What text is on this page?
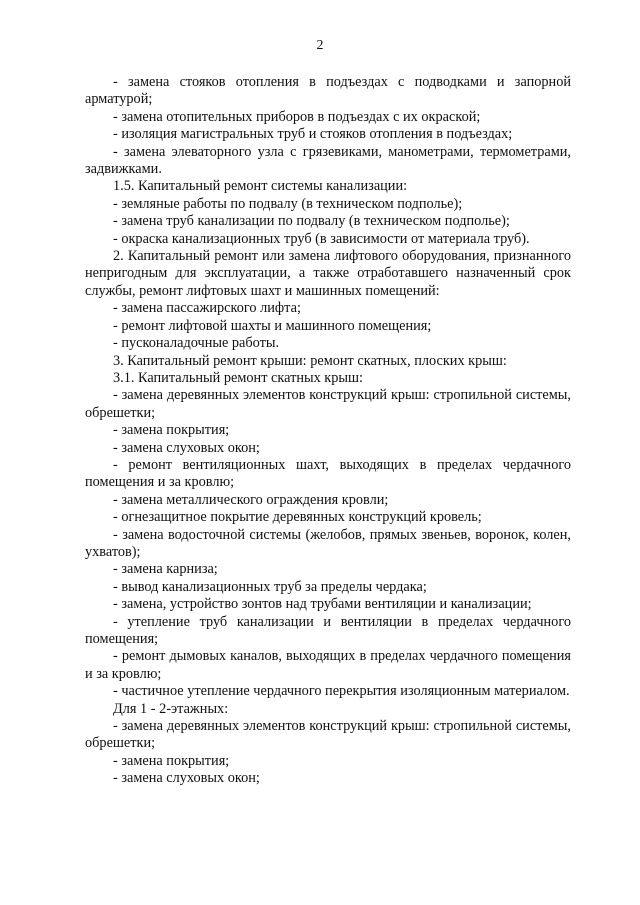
2

- замена стояков отопления в подъездах с подводками и запорной арматурой;

- замена отопительных приборов в подъездах с их окраской;

- изоляция магистральных труб и стояков отопления в подъездах;

- замена элеваторного узла с грязевиками, манометрами, термометрами, задвижками.

1.5. Капитальный ремонт системы канализации:

- земляные работы по подвалу (в техническом подполье);

- замена труб канализации по подвалу (в техническом подполье);

- окраска канализационных труб (в зависимости от материала труб).

2. Капитальный ремонт или замена лифтового оборудования, признанного непригодным для эксплуатации, а также отработавшего назначенный срок службы, ремонт лифтовых шахт и машинных помещений:

- замена пассажирского лифта;

- ремонт лифтовой шахты и машинного помещения;

- пусконаладочные работы.

3. Капитальный ремонт крыши: ремонт скатных, плоских крыш:

3.1. Капитальный ремонт скатных крыш:

- замена деревянных элементов конструкций крыш: стропильной системы, обрешетки;

- замена покрытия;

- замена слуховых окон;

- ремонт вентиляционных шахт, выходящих в пределах чердачного помещения и за кровлю;

- замена металлического ограждения кровли;

- огнезащитное покрытие деревянных конструкций кровель;

- замена водосточной системы (желобов, прямых звеньев, воронок, колен, ухватов);

- замена карниза;

- вывод канализационных труб за пределы чердака;

- замена, устройство зонтов над трубами вентиляции и канализации;

- утепление труб канализации и вентиляции в пределах чердачного помещения;

- ремонт дымовых каналов, выходящих в пределах чердачного помещения и за кровлю;

- частичное утепление чердачного перекрытия изоляционным материалом.

Для 1 - 2-этажных:

- замена деревянных элементов конструкций крыш: стропильной системы, обрешетки;

- замена покрытия;

- замена слуховых окон;
